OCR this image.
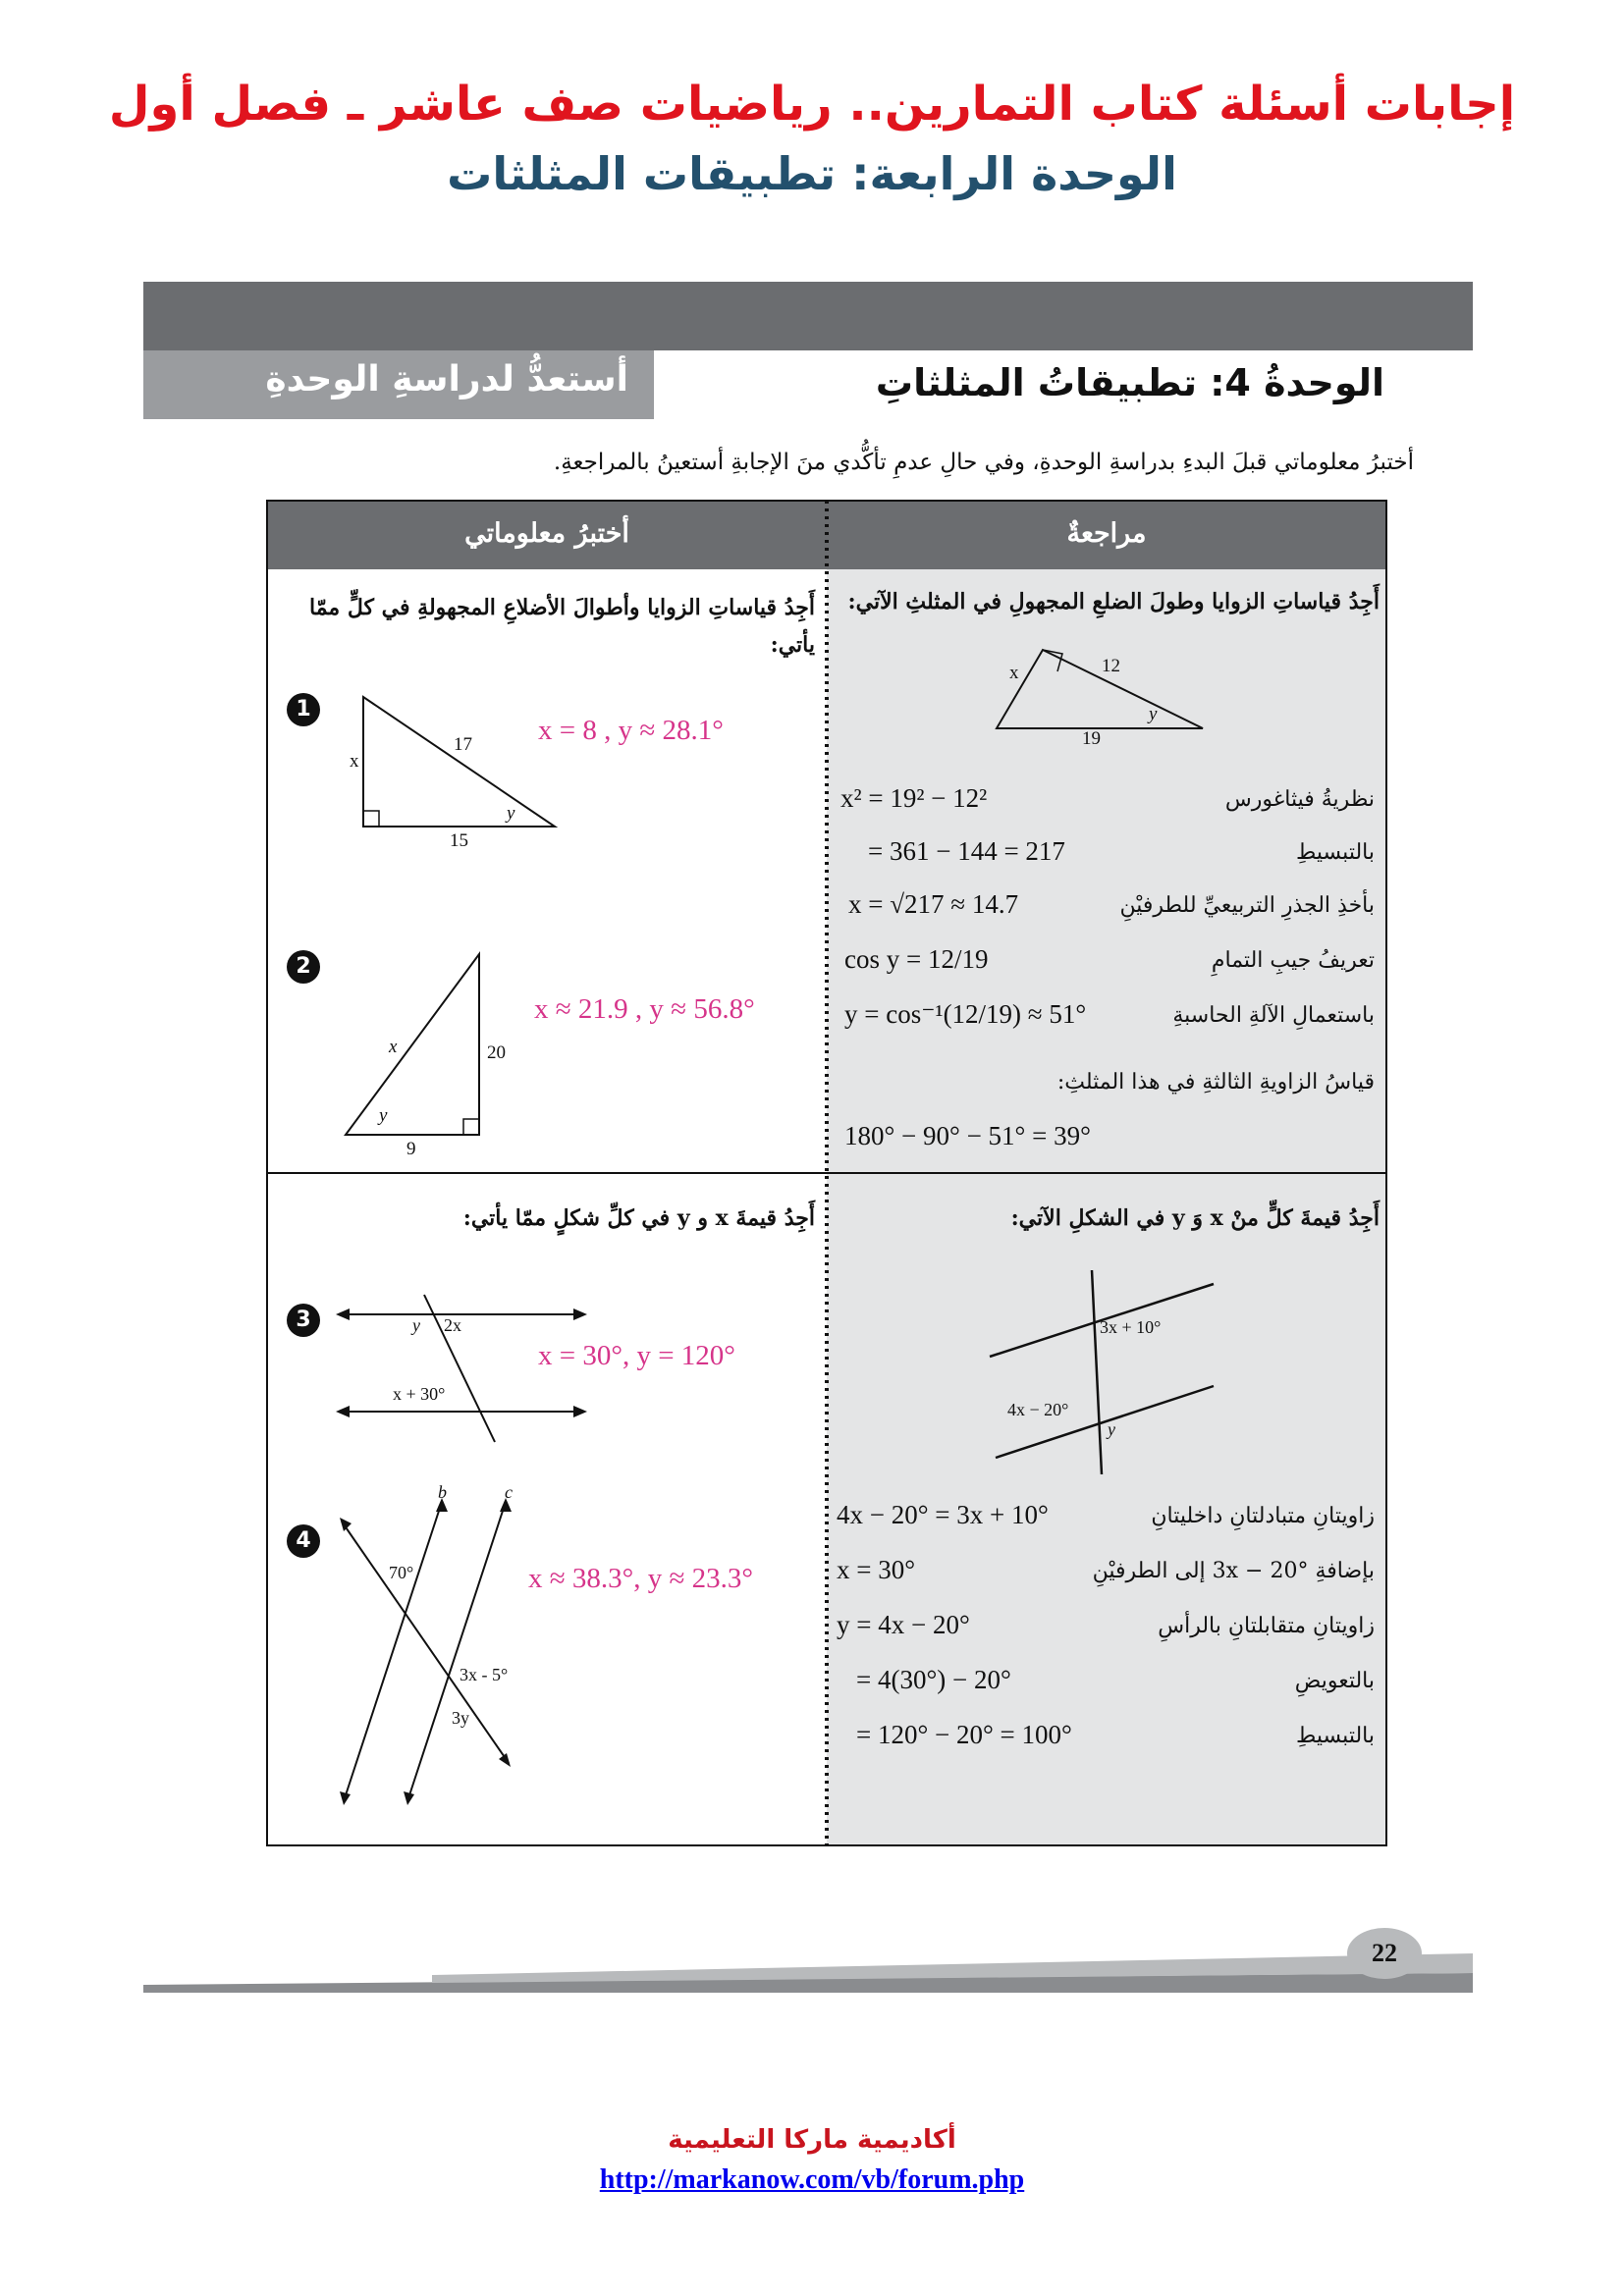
إجابات أسئلة كتاب التمارين.. رياضيات صف عاشر ـ فصل أول
الوحدة الرابعة: تطبيقات المثلثات
أستعدُّ لدراسةِ الوحدةِ	الوحدةُ 4: تطبيقاتُ المثلثاتِ
أختبرُ معلوماتي قبلَ البدءِ بدراسةِ الوحدةِ، وفي حالِ عدمِ تأكُّدي منَ الإجابةِ أستعينُ بالمراجعةِ.
مراجعةٌ
أختبرُ معلوماتي
أَجِدُ قياساتِ الزوايا وطولَ الضلعِ المجهولِ في المثلثِ الآتي:
x	12
19
y
x² = 19² − 12²	نظريةُ فيثاغورس
= 361 − 144 = 217	بالتبسيطِ
x = √217 ≈ 14.7	بأخذِ الجذرِ التربيعيِّ للطرفيْنِ
cos y = 12/19	تعريفُ جيبِ التمامِ
y = cos⁻¹(12/19) ≈ 51°	باستعمالِ الآلةِ الحاسبةِ
قياسُ الزاويةِ الثالثةِ في هذا المثلثِ:
180° − 90° − 51° = 39°
أَجِدُ قياساتِ الزوايا وأطوالَ الأضلاعِ المجهولةِ في كلٍّ ممّا يأتي:
1
x
17
15
y
x = 8 , y ≈ 28.1°
2
x	20
9
y
x ≈ 21.9 , y ≈ 56.8°
أَجِدُ قيمةَ كلٍّ منْ x وَ y في الشكلِ الآتي:
3x + 10°
4x − 20°
y
4x − 20° = 3x + 10°	زاويتانِ متبادلتانِ داخليتانِ
x = 30°	بإضافةِ 3x − 20° إلى الطرفيْنِ
y = 4x − 20°	زاويتانِ متقابلتانِ بالرأسِ
= 4(30°) − 20°	بالتعويضِ
= 120° − 20° = 100°	بالتبسيطِ
أَجِدُ قيمةَ x و y في كلِّ شكلٍ ممّا يأتي:
3	y 2x
x + 30°
x = 30°, y = 120°
4
b	c
70°
3x - 5°
3y
x ≈ 38.3°, y ≈ 23.3°
22
أكاديمية ماركا التعليمية
http://markanow.com/vb/forum.php
